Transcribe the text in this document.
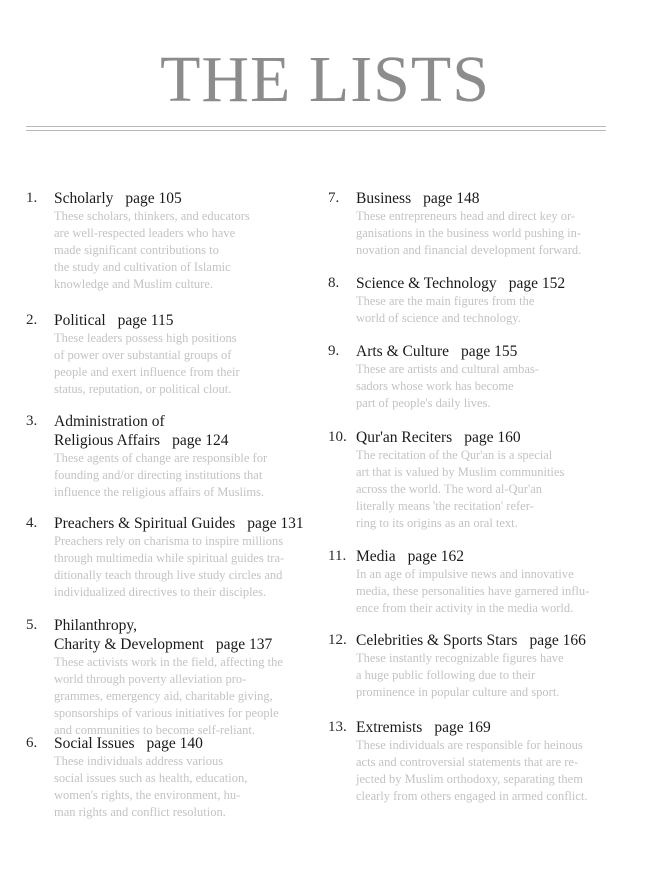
THE LISTS
1. Scholarly page 105
These scholars, thinkers, and educators
are well-respected leaders who have
made significant contributions to
the study and cultivation of Islamic
knowledge and Muslim culture.
2. Political page 115
These leaders possess high positions
of power over substantial groups of
people and exert influence from their
status, reputation, or political clout.
3. Administration of
Religious Affairs page 124
These agents of change are responsible for
founding and/or directing institutions that
influence the religious affairs of Muslims.
4. Preachers & Spiritual Guides page 131
Preachers rely on charisma to inspire millions
through multimedia while spiritual guides tra-
ditionally teach through live study circles and
individualized directives to their disciples.
5. Philanthropy,
Charity & Development page 137
These activists work in the field, affecting the
world through poverty alleviation pro-
grammes, emergency aid, charitable giving,
sponsorships of various initiatives for people
and communities to become self-reliant.
6. Social Issues page 140
These individuals address various
social issues such as health, education,
women's rights, the environment, hu-
man rights and conflict resolution.
7. Business page 148
These entrepreneurs head and direct key or-
ganisations in the business world pushing in-
novation and financial development forward.
8. Science & Technology page 152
These are the main figures from the
world of science and technology.
9. Arts & Culture page 155
These are artists and cultural ambas-
sadors whose work has become
part of people's daily lives.
10. Qur'an Reciters page 160
The recitation of the Qur'an is a special
art that is valued by Muslim communities
across the world. The word al-Qur'an
literally means 'the recitation' refer-
ring to its origins as an oral text.
11. Media page 162
In an age of impulsive news and innovative
media, these personalities have garnered influ-
ence from their activity in the media world.
12. Celebrities & Sports Stars page 166
These instantly recognizable figures have
a huge public following due to their
prominence in popular culture and sport.
13. Extremists page 169
These individuals are responsible for heinous
acts and controversial statements that are re-
jected by Muslim orthodoxy, separating them
clearly from others engaged in armed conflict.
